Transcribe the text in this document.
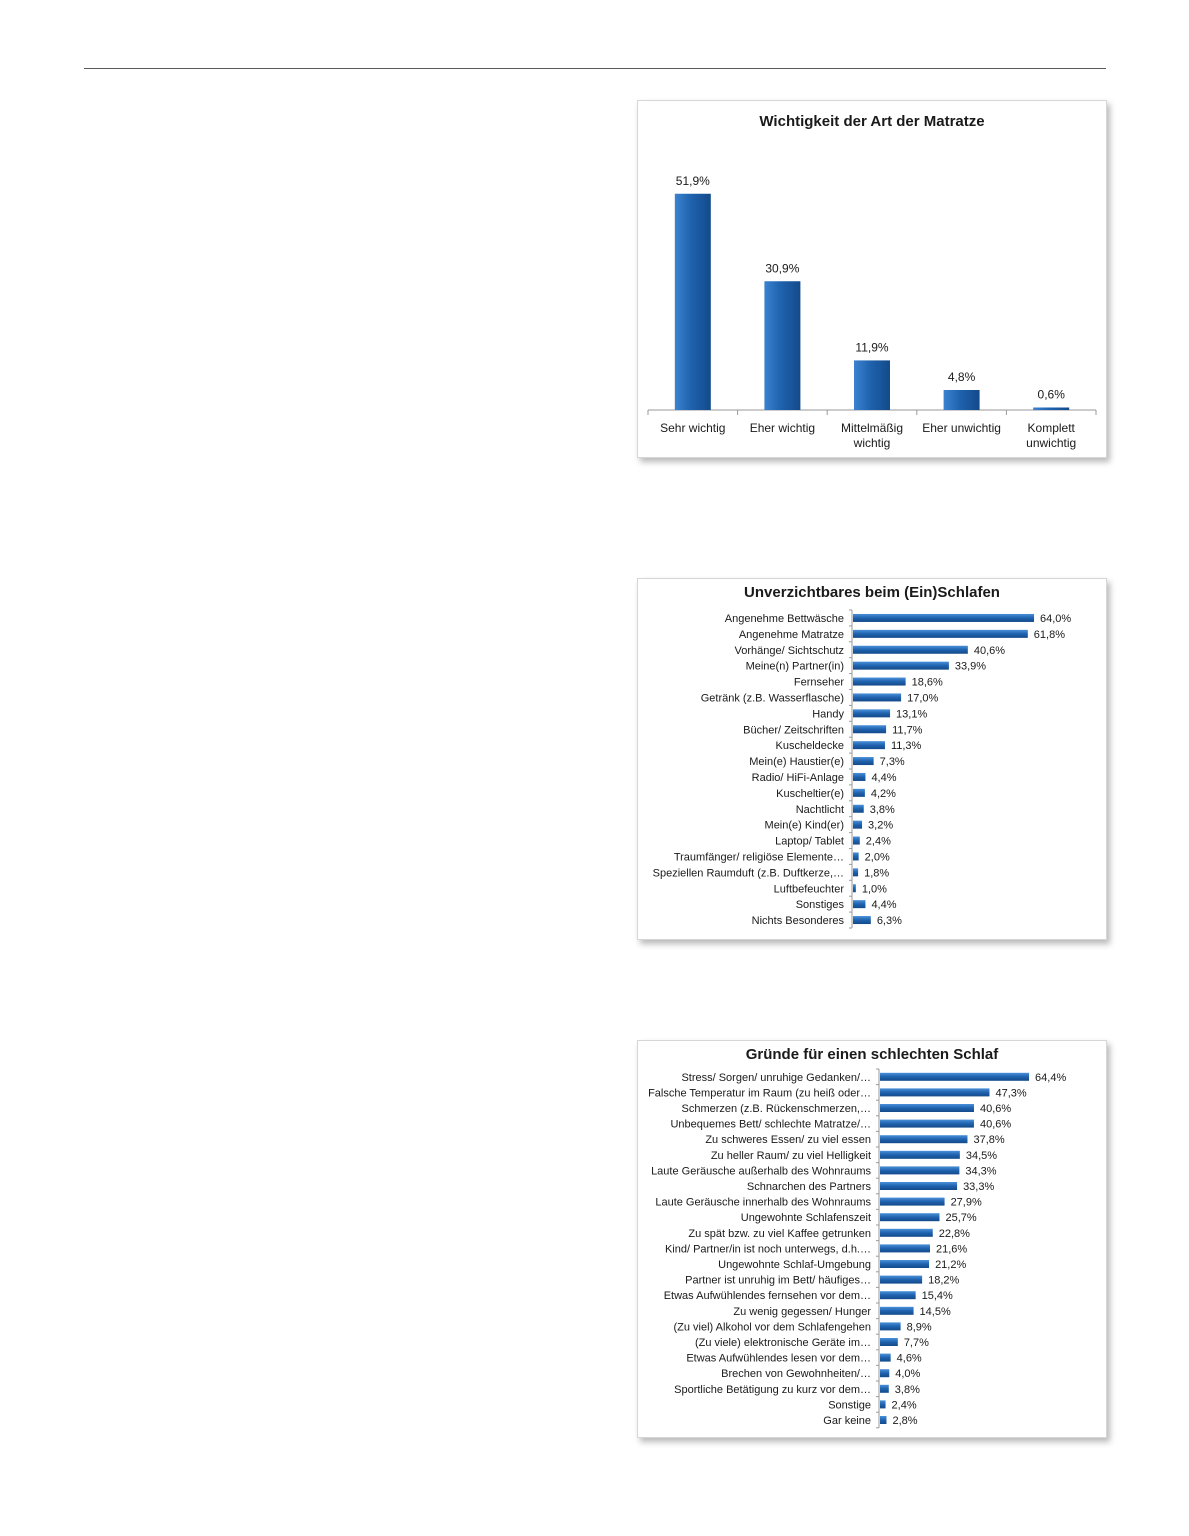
Wichtigkeit der Art der Matratze
51,9%
Sehr wichtig
30,9%
Eher wichtig
11,9%
Mittelmäßig
wichtig
4,8%
Eher unwichtig
0,6%
Komplett
unwichtig
Unverzichtbares beim (Ein)Schlafen
Angenehme Bettwäsche	64,0%
Angenehme Matratze	61,8%
Vorhänge/ Sichtschutz	40,6%
Meine(n) Partner(in)	33,9%
Fernseher	18,6%
Getränk (z.B. Wasserflasche)	17,0%
Handy	13,1%
Bücher/ Zeitschriften	11,7%
Kuscheldecke	11,3%
Mein(e) Haustier(e)	7,3%
Radio/ HiFi-Anlage 4,4%
Kuscheltier(e) 4,2%
Nachtlicht 3,8%
Mein(e) Kind(er) 3,2%
Laptop/ Tablet 2,4%
Traumfänger/ religiöse Elemente… 2,0%
Speziellen Raumduft (z.B. Duftkerze,… 1,8%
Luftbefeuchter 1,0%
Sonstiges 4,4%
Nichts Besonderes	6,3%
Gründe für einen schlechten Schlaf
Stress/ Sorgen/ unruhige Gedanken/…	64,4%
Falsche Temperatur im Raum (zu heiß oder…	47,3%
Schmerzen (z.B. Rückenschmerzen,…	40,6%
Unbequemes Bett/ schlechte Matratze/…	40,6%
Zu schweres Essen/ zu viel essen	37,8%
Zu heller Raum/ zu viel Helligkeit	34,5%
Laute Geräusche außerhalb des Wohnraums	34,3%
Schnarchen des Partners	33,3%
Laute Geräusche innerhalb des Wohnraums	27,9%
Ungewohnte Schlafenszeit	25,7%
Zu spät bzw. zu viel Kaffee getrunken	22,8%
Kind/ Partner/in ist noch unterwegs, d.h.…	21,6%
Ungewohnte Schlaf-Umgebung	21,2%
Partner ist unruhig im Bett/ häufiges…	18,2%
Etwas Aufwühlendes fernsehen vor dem…	15,4%
Zu wenig gegessen/ Hunger	14,5%
(Zu viel) Alkohol vor dem Schlafengehen	8,9%
(Zu viele) elektronische Geräte im…	7,7%
Etwas Aufwühlendes lesen vor dem… 4,6%
Brechen von Gewohnheiten/… 4,0%
Sportliche Betätigung zu kurz vor dem… 3,8%
Sonstige 2,4%
Gar keine 2,8%
